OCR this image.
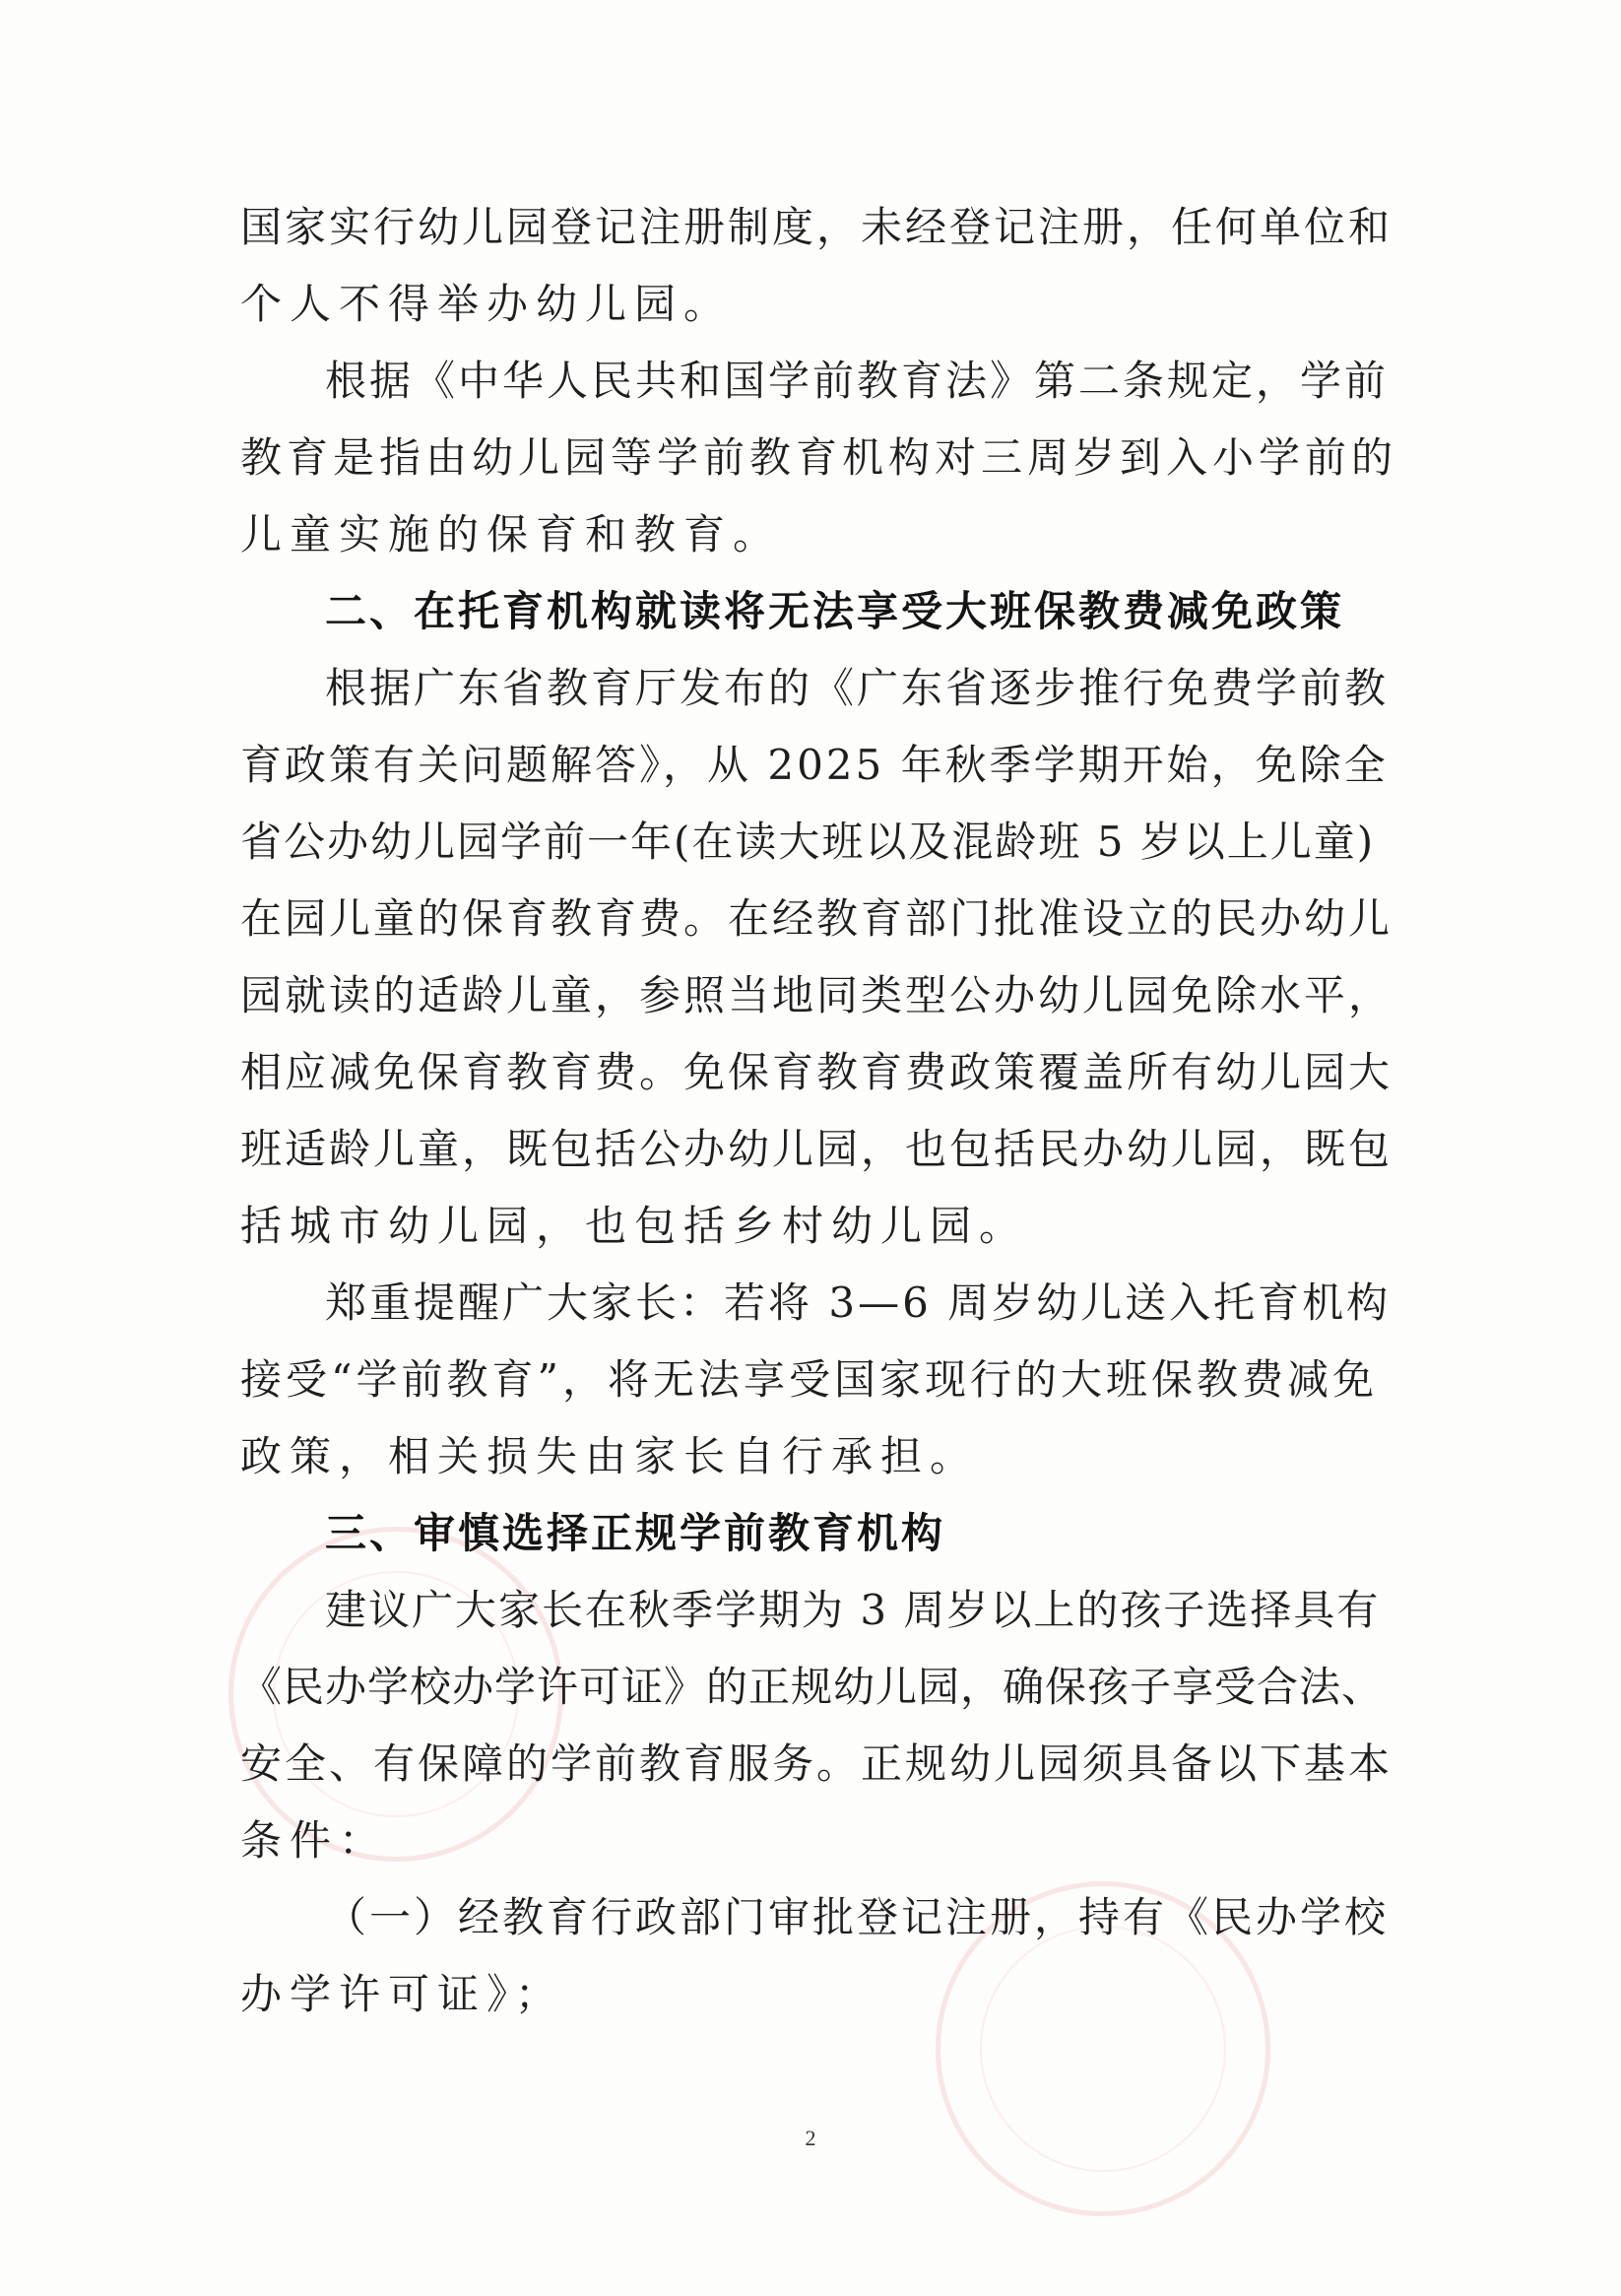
国家实行幼儿园登记注册制度，未经登记注册，任何单位和
个人不得举办幼儿园。
根据《中华人民共和国学前教育法》第二条规定，学前
教育是指由幼儿园等学前教育机构对三周岁到入小学前的
儿童实施的保育和教育。
二、在托育机构就读将无法享受大班保教费减免政策
根据广东省教育厅发布的《广东省逐步推行免费学前教
育政策有关问题解答》，从 2025 年秋季学期开始，免除全
省公办幼儿园学前一年(在读大班以及混龄班 5 岁以上儿童)
在园儿童的保育教育费。在经教育部门批准设立的民办幼儿
园就读的适龄儿童，参照当地同类型公办幼儿园免除水平，
相应减免保育教育费。免保育教育费政策覆盖所有幼儿园大
班适龄儿童，既包括公办幼儿园，也包括民办幼儿园，既包
括城市幼儿园，也包括乡村幼儿园。
郑重提醒广大家长：若将 3—6 周岁幼儿送入托育机构
接受“学前教育”，将无法享受国家现行的大班保教费减免
政策，相关损失由家长自行承担。
三、审慎选择正规学前教育机构
建议广大家长在秋季学期为 3 周岁以上的孩子选择具有
《民办学校办学许可证》的正规幼儿园，确保孩子享受合法、
安全、有保障的学前教育服务。正规幼儿园须具备以下基本
条件：
（一）经教育行政部门审批登记注册，持有《民办学校
办学许可证》；
2
